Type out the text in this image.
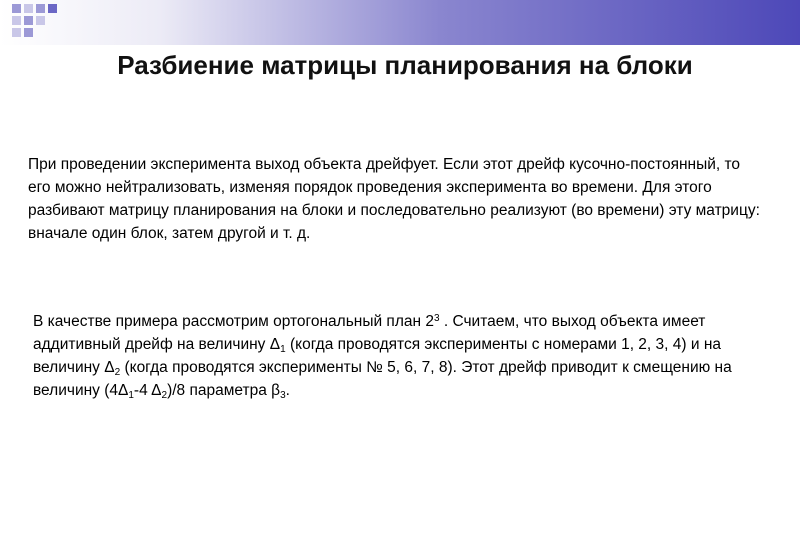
Разбиение матрицы планирования на блоки
При проведении эксперимента выход объекта дрейфует. Если этот дрейф кусочно-постоянный, то его можно нейтрализовать, изменяя порядок проведения эксперимента во времени. Для этого разбивают матрицу планирования на блоки и последовательно реализуют (во времени) эту матрицу: вначале один блок, затем другой и т. д.
В качестве примера рассмотрим ортогональный план $2^3$ . Считаем, что выход объекта имеет аддитивный дрейф на величину $\Delta_1$ (когда проводятся эксперименты с номерами 1, 2, 3, 4) и на величину $\Delta_2$ (когда проводятся эксперименты № 5, 6, 7, 8). Этот дрейф приводит к смещению на величину ($4\Delta_1-4$ $\Delta_2)/8$ параметра $\beta_3$.
